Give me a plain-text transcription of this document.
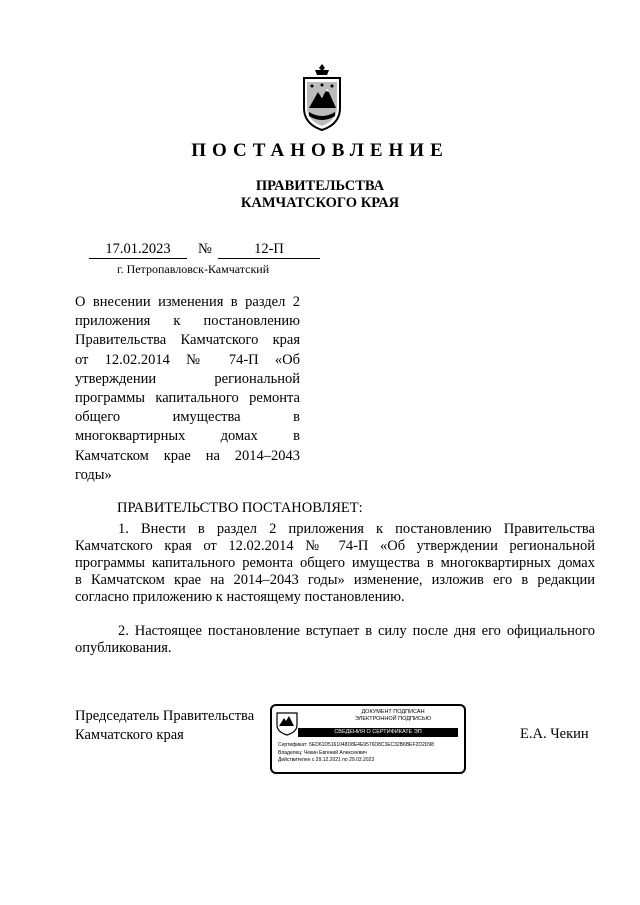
ПОСТАНОВЛЕНИЕ
ПРАВИТЕЛЬСТВА
КАМЧАТСКОГО КРАЯ
17.01.2023	№	12-П
г. Петропавловск-Камчатский
О внесении изменения в раздел 2
приложения к постановлению
Правительства Камчатского края
от 12.02.2014 № 74-П «Об
утверждении региональной
программы капитального ремонта
общего имущества в
многоквартирных домах в
Камчатском крае на 2014–2043
годы»
ПРАВИТЕЛЬСТВО ПОСТАНОВЛЯЕТ:
1. Внести в раздел 2 приложения к постановлению Правительства
Камчатского края от 12.02.2014 № 74-П «Об утверждении региональной
программы капитального ремонта общего имущества в многоквартирных домах
в Камчатском крае на 2014–2043 годы» изменение, изложив его в редакции
согласно приложению к настоящему постановлению.
2. Настоящее постановление вступает в силу после дня его официального
опубликования.
Председатель Правительства
Камчатского края
ДОКУМЕНТ ПОДПИСАН
ЭЛЕКТРОННОЙ ПОДПИСЬЮ
СВЕДЕНИЯ О СЕРТИФИКАТЕ ЭП
Сертификат: 5ED61D5161048D8E4E9576D8C3EC32B6BEF2D2D98
Владелец: Чекин Евгений Алексеевич
Действителен с 29.12.2021 по 29.03.2023
Е.А. Чекин
